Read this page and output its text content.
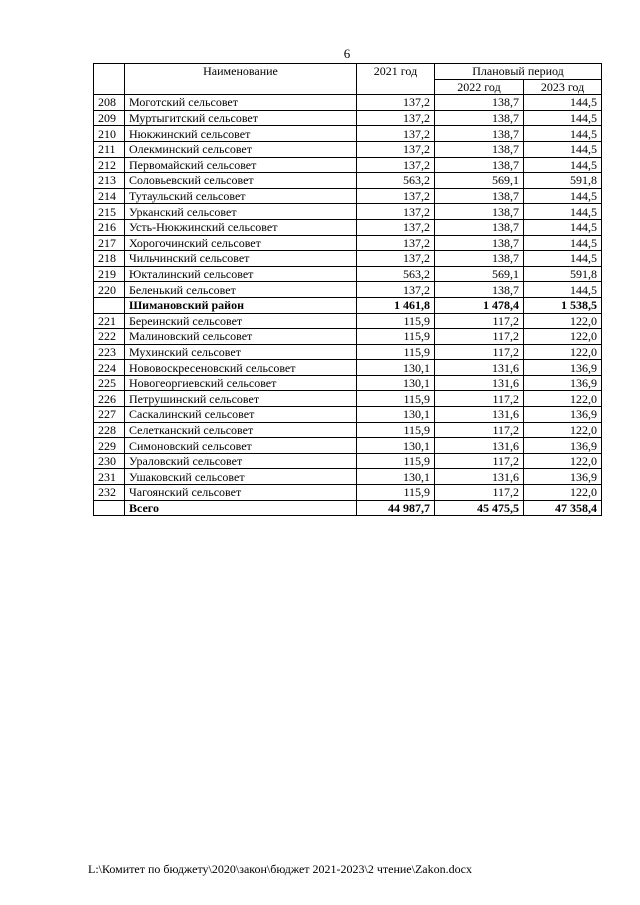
6
	Наименование	2021 год	Плановый период	
			2022 год	2023 год
208	Моготский сельсовет	137,2	138,7	144,5
209	Муртыгитский сельсовет	137,2	138,7	144,5
210	Нюкжинский сельсовет	137,2	138,7	144,5
211	Олекминский сельсовет	137,2	138,7	144,5
212	Первомайский сельсовет	137,2	138,7	144,5
213	Соловьевский сельсовет	563,2	569,1	591,8
214	Тутаульский сельсовет	137,2	138,7	144,5
215	Урканский сельсовет	137,2	138,7	144,5
216	Усть-Нюкжинский сельсовет	137,2	138,7	144,5
217	Хорогочинский сельсовет	137,2	138,7	144,5
218	Чильчинский сельсовет	137,2	138,7	144,5
219	Юкталинский сельсовет	563,2	569,1	591,8
220	Беленький сельсовет	137,2	138,7	144,5
	Шимановский район	1 461,8	1 478,4	1 538,5
221	Береинский сельсовет	115,9	117,2	122,0
222	Малиновский сельсовет	115,9	117,2	122,0
223	Мухинский сельсовет	115,9	117,2	122,0
224	Нововоскресеновский сельсовет	130,1	131,6	136,9
225	Новогеоргиевский сельсовет	130,1	131,6	136,9
226	Петрушинский сельсовет	115,9	117,2	122,0
227	Саскалинский сельсовет	130,1	131,6	136,9
228	Селетканский сельсовет	115,9	117,2	122,0
229	Симоновский сельсовет	130,1	131,6	136,9
230	Ураловский сельсовет	115,9	117,2	122,0
231	Ушаковский сельсовет	130,1	131,6	136,9
232	Чагоянский сельсовет	115,9	117,2	122,0
	Всего	44 987,7	45 475,5	47 358,4
L:\Комитет по бюджету\2020\закон\бюджет 2021-2023\2 чтение\Zakon.docx
